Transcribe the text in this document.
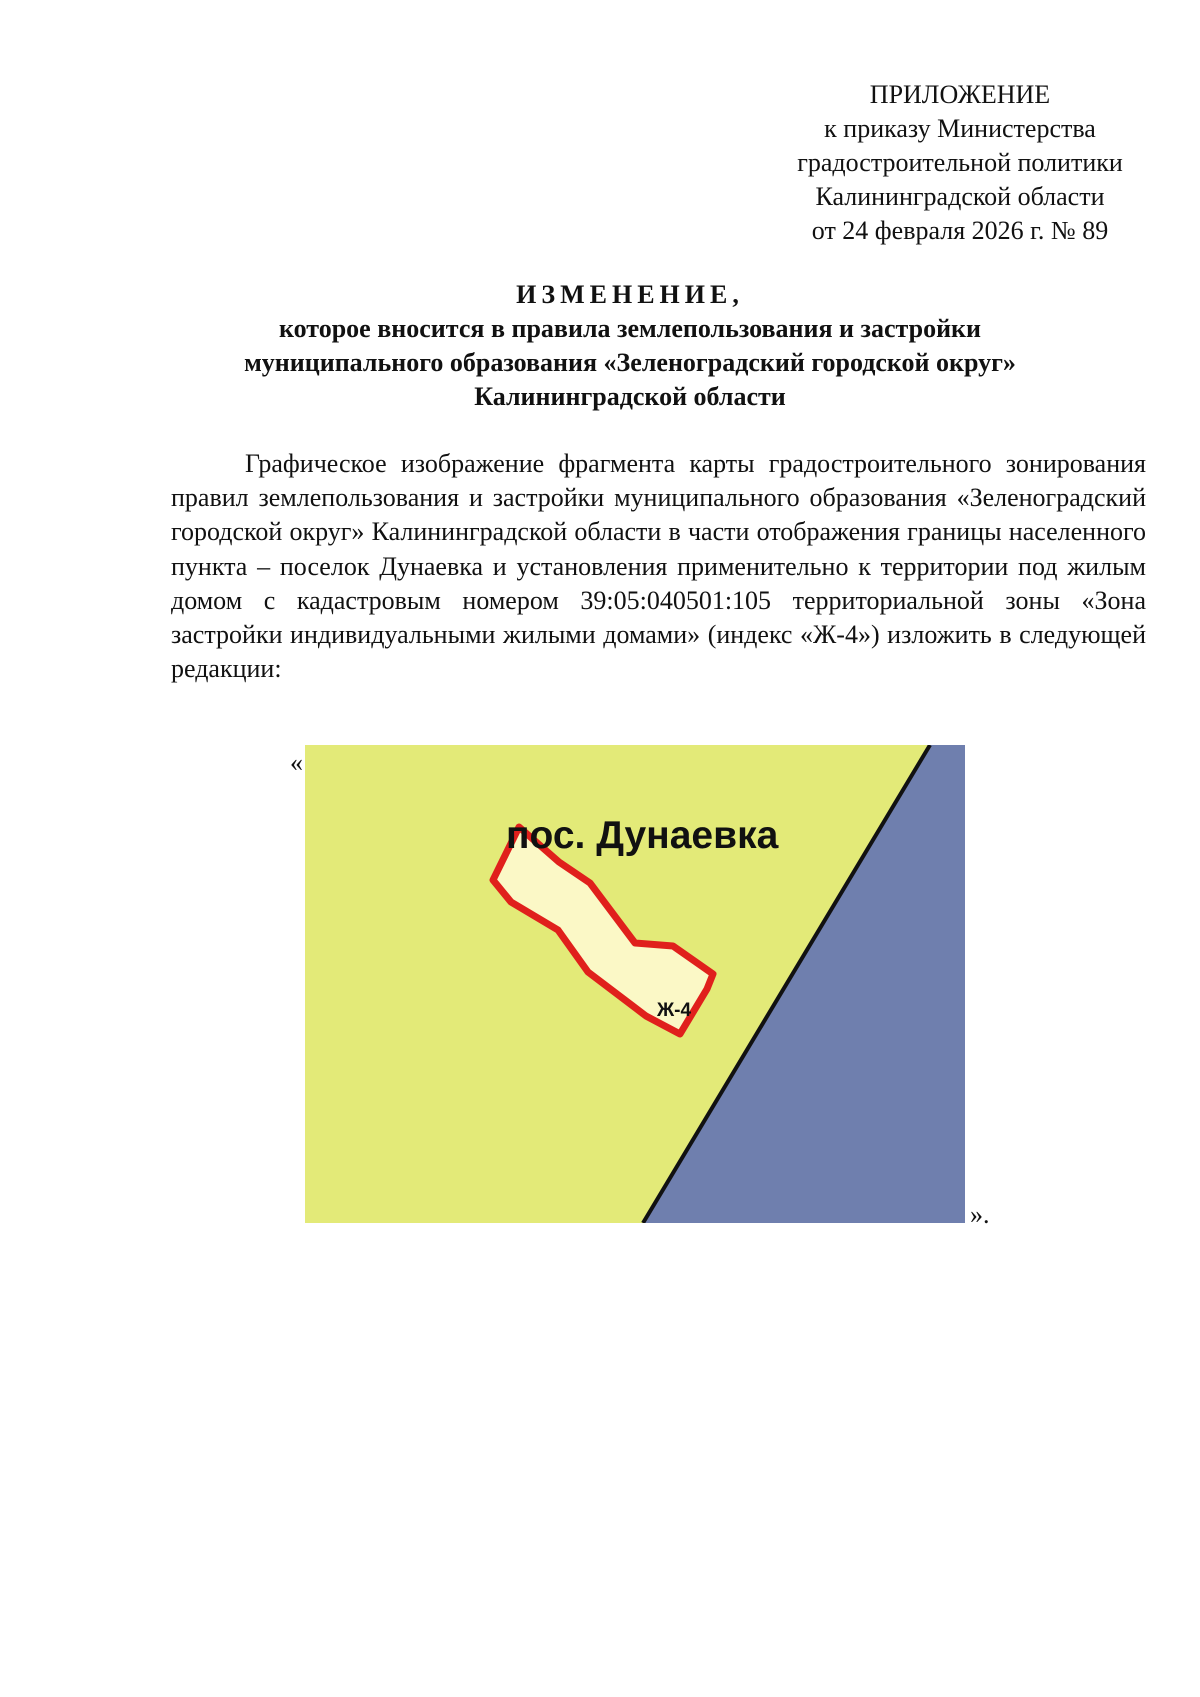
ПРИЛОЖЕНИЕ
к приказу Министерства
градостроительной политики
Калининградской области
от 24 февраля 2026 г. № 89
ИЗМЕНЕНИЕ,
которое вносится в правила землепользования и застройки
муниципального образования «Зеленоградский городской округ»
Калининградской области
Графическое изображение фрагмента карты градостроительного зонирования правил землепользования и застройки муниципального образования «Зеленоградский городской округ» Калининградской области в части отображения границы населенного пункта – поселок Дунаевка и установления применительно к территории под жилым домом с кадастровым номером 39:05:040501:105 территориальной зоны «Зона застройки индивидуальными жилыми домами» (индекс «Ж-4») изложить в следующей редакции:
«
пос. Дунаевка
Ж-4
».
